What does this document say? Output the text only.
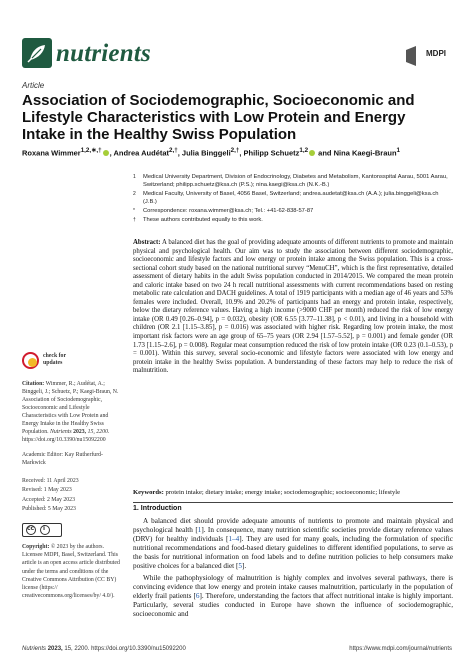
nutrients	MDPI
Article
Association of Sociodemographic, Socioeconomic and Lifestyle Characteristics with Low Protein and Energy Intake in the Healthy Swiss Population
Roxana Wimmer$^{1,2,∗,\dagger}$ , Andrea Audétat$^{2,\dagger}$, Julia Binggeli$^{2,\dagger}$, Philipp Schuetz$^{1,2}$ and Nina Kaegi-Braun$^1$
1 Medical University Department, Division of Endocrinology, Diabetes and Metabolism, Kantonsspital Aarau, 5001 Aarau, Switzerland; philipp.schuetz@ksa.ch (P.S.); nina.kaegi@ksa.ch (N.K.-B.)
2 Medical Faculty, University of Basel, 4056 Basel, Switzerland; andrea.audetat@ksa.ch (A.A.); julia.binggeli@ksa.ch (J.B.)
* Correspondence: roxana.wimmer@ksa.ch; Tel.: +41-62-838-57-87
† These authors contributed equally to this work.
Abstract: A balanced diet has the goal of providing adequate amounts of different nutrients to promote and maintain physical and psychological health. Our aim was to study the association between different sociodemographic, socioeconomic and lifestyle factors and low energy or protein intake among the Swiss population. This is a cross-sectional cohort study based on the national nutritional survey “MenuCH”, which is the first representative, detailed assessment of dietary habits in the adult Swiss population conducted in 2014/2015. We compared the mean protein and caloric intake based on two 24 h recall nutritional assessments with current recommendations based on resting metabolic rate calculation and DACH guidelines. A total of 1919 participants with a median age of 46 years and 53% females were included. Overall, 10.9% and 20.2% of participants had an energy and protein intake, respectively, below the dietary reference values. Having a high income (>9000 CHF per month) reduced the risk of low energy intake (OR 0.49 [0.26–0.94], p = 0.032), obesity (OR 6.55 [3.77–11.38], p < 0.01), and living in a household with children (OR 2.1 [1.15–3.85], p = 0.016) was associated with higher risk. Regarding low protein intake, the most important risk factors were an age group of 65–75 years (OR 2.94 [1.57–5.52], p = 0.001) and female gender (OR 1.73 [1.15–2.6], p = 0.008). Regular meat consumption reduced the risk of low protein intake (OR 0.23 (0.1–0.53), p = 0.001). Within this survey, several socio-economic and lifestyle factors were associated with low energy and protein intake in the healthy Swiss population. A bunderstanding of these factors may help to reduce the risk of malnutrition.
Keywords: protein intake; dietary intake; energy intake; sociodemographic; socioeconomic; lifestyle
1. Introduction

A balanced diet should provide adequate amounts of nutrients to promote and maintain physical and psychological health [1]. In consequence, many nutrition scientific societies provide dietary reference values (DRV) for healthy individuals [1–4]. They are used for many goals, including the formulation of specific nutritional recommendations and food-based dietary guidelines to different identified populations, to serve as the basis for nutritional information on food labels and to define nutrition policies to help consumers make positive choices for a balanced diet [5].

While the pathophysiology of malnutrition is highly complex and involves several pathways, there is convincing evidence that low energy and protein intake causes malnutrition, particularly in the population of elderly frail patients [6]. Therefore, understanding the factors that affect nutritional intake is highly important. Particularly, several studies conducted in Europe have shown the influence of sociodemographic, socioeconomic and

check for
updates
Citation: Wimmer, R.; Audétat, A.; Binggeli, J.; Schuetz, P.; Kaegi-Braun, N. Association of Sociodemographic, Socioeconomic and Lifestyle Characteristics with Low Protein and Energy Intake in the Healthy Swiss Population. Nutrients 2023, 15, 2200. https://doi.org/10.3390/nu15092200
Academic Editor: Kay Rutherfurd-Markwick
Received: 11 April 2023
Revised: 1 May 2023
Accepted: 2 May 2023
Published: 5 May 2023
cc i
Copyright: © 2023 by the authors. Licensee MDPI, Basel, Switzerland. This article is an open access article distributed under the terms and conditions of the Creative Commons Attribution (CC BY) license (https:// creativecommons.org/licenses/by/ 4.0/).
Nutrients 2023, 15, 2200. https://doi.org/10.3390/nu15092200	https://www.mdpi.com/journal/nutrients
